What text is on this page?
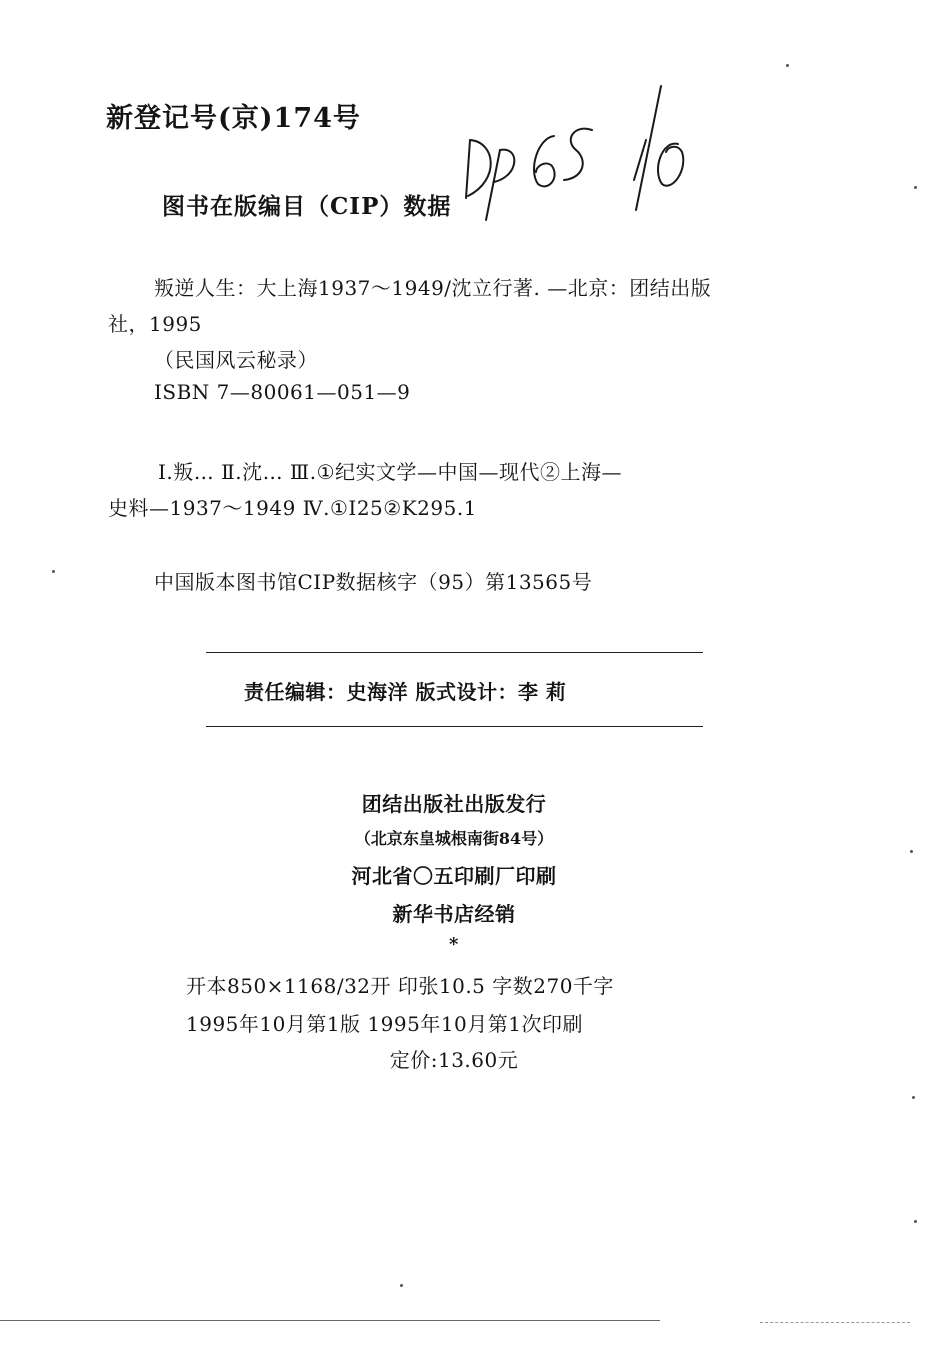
新登记号(京)174号
图书在版编目（CIP）数据
叛逆人生：大上海1937～1949/沈立行著. —北京：团结出版
社，1995
（民国风云秘录）
ISBN 7—80061—051—9
Ⅰ.叛… Ⅱ.沈… Ⅲ.①纪实文学—中国—现代②上海—
史料—1937～1949 Ⅳ.①I25②K295.1
中国版本图书馆CIP数据核字（95）第13565号
责任编辑：史海洋 版式设计：李 莉
团结出版社出版发行
（北京东皇城根南街84号）
河北省〇五印刷厂印刷
新华书店经销
*
开本850×1168/32开 印张10.5 字数270千字
1995年10月第1版 1995年10月第1次印刷
定价:13.60元
